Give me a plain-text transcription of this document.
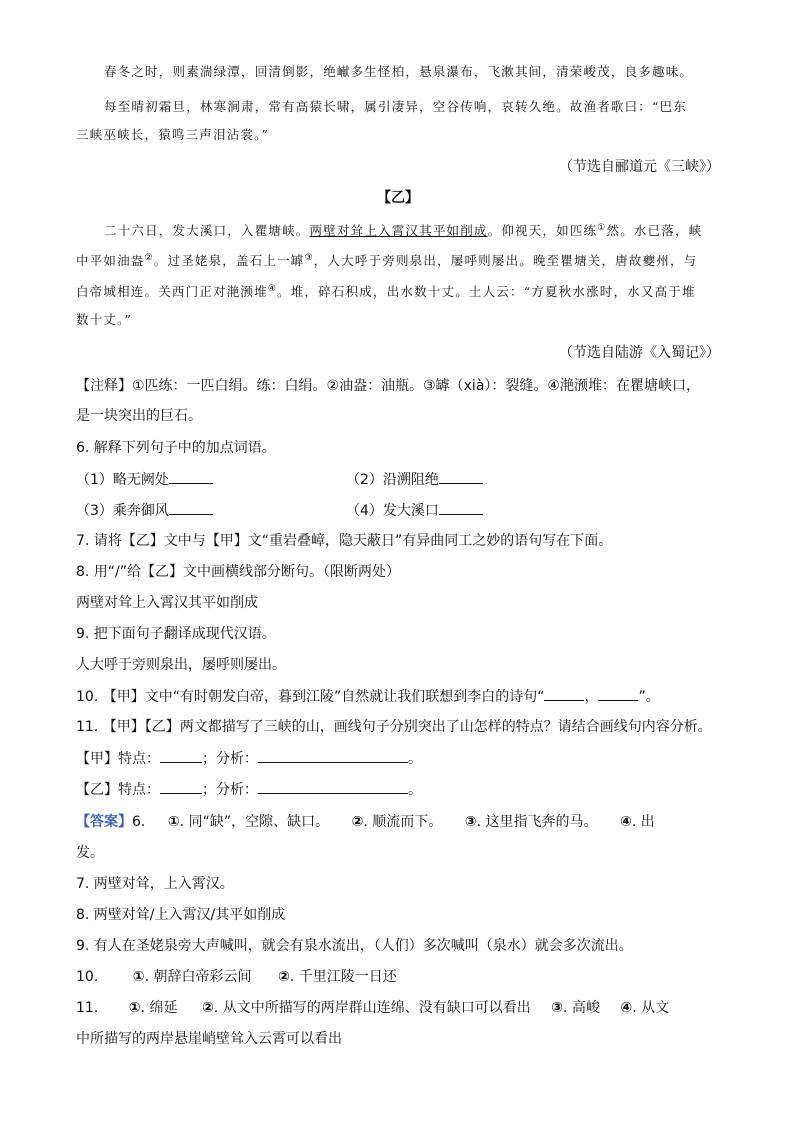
春冬之时，则素湍绿潭，回清倒影，绝𪩘多生怪柏，悬泉瀑布，飞漱其间，清荣峻茂，良多趣味。
每至晴初霜旦，林寒涧肃，常有高猿长啸，属引凄异，空谷传响，哀转久绝。故渔者歌曰：“巴东
三峡巫峡长，猿鸣三声泪沾裳。”
（节选自郦道元《三峡》）
【乙】
二十六日，发大溪口，入瞿塘峡。两壁对耸上入霄汉其平如削成。仰视天，如匹练①然。水已落，峡
中平如油盎②。过圣姥泉，盖石上一罅③，人大呼于旁则泉出，屡呼则屡出。晚至瞿塘关，唐故夔州，与
白帝城相连。关西门正对滟滪堆④。堆，碎石积成，出水数十丈。土人云：“方夏秋水涨时，水又高于堆
数十丈。”
（节选自陆游《入蜀记》）
【注释】①匹练：一匹白绢。练：白绢。②油盎：油瓶。③罅（xià）：裂缝。④滟滪堆：在瞿塘峡口，
是一块突出的巨石。
6. 解释下列句子中的加点词语。
（1）略无阙处	（2）沿溯阻绝
（3）乘奔御风	（4）发大溪口
7. 请将【乙】文中与【甲】文“重岩叠嶂，隐天蔽日”有异曲同工之妙的语句写在下面。
8. 用“/”给【乙】文中画横线部分断句。（限断两处）
两壁对耸上入霄汉其平如削成
9. 把下面句子翻译成现代汉语。
人大呼于旁则泉出，屡呼则屡出。
10. 【甲】文中“有时朝发白帝，暮到江陵”自然就让我们联想到李白的诗句“	，	”。
11. 【甲】【乙】两文都描写了三峡的山，画线句子分别突出了山怎样的特点？请结合画线句内容分析。
【甲】特点：	；分析：	。
【乙】特点：	；分析：	。
【答案】6. ①. 同“缺”，空隙、缺口。 ②. 顺流而下。 ③. 这里指飞奔的马。 ④. 出
发。
7. 两壁对耸，上入霄汉。
8. 两壁对耸/上入霄汉/其平如削成
9. 有人在圣姥泉旁大声喊叫，就会有泉水流出，（人们）多次喊叫（泉水）就会多次流出。
10. ①. 朝辞白帝彩云间 ②. 千里江陵一日还
11. ①. 绵延 ②. 从文中所描写的两岸群山连绵、没有缺口可以看出 ③. 高峻 ④. 从文
中所描写的两岸悬崖峭壁耸入云霄可以看出
